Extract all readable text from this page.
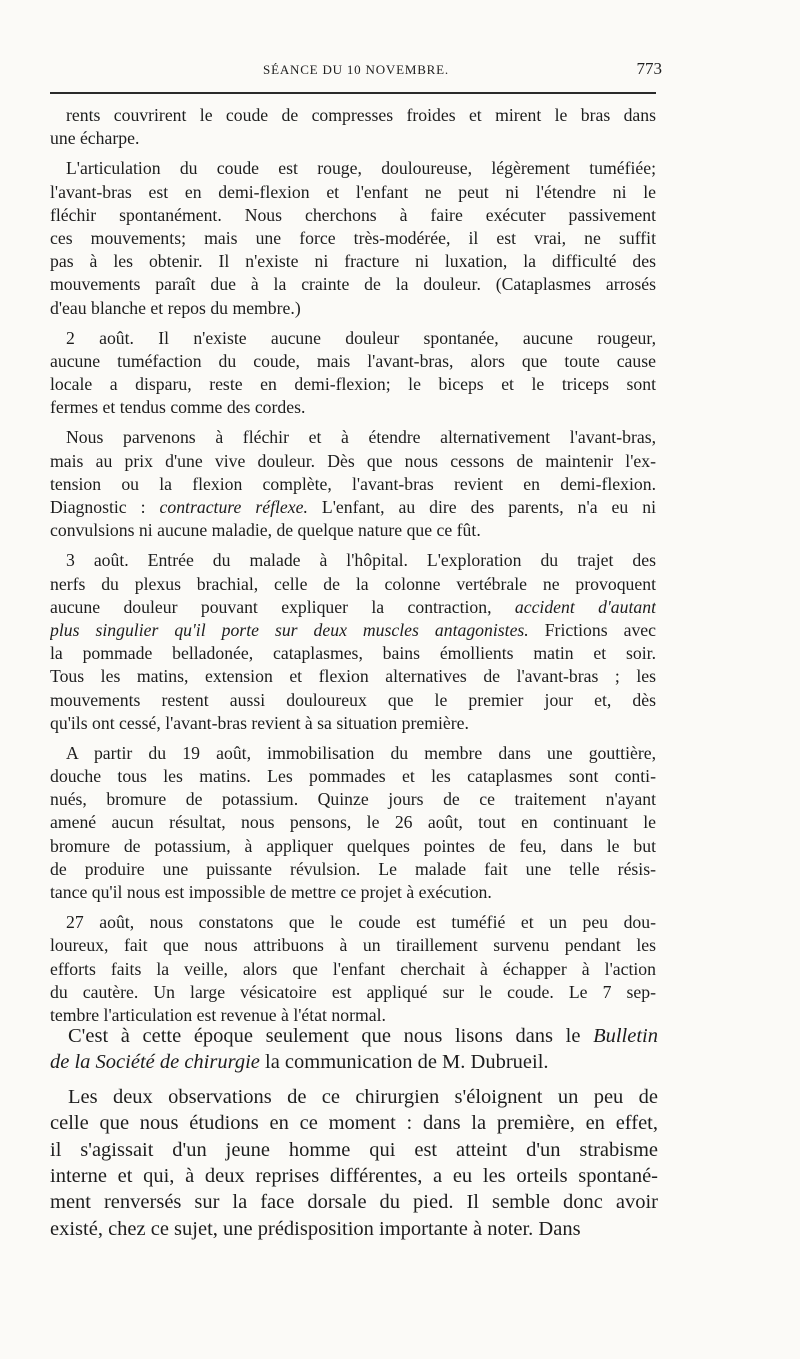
SÉANCE DU 10 NOVEMBRE.	773
rents couvrirent le coude de compresses froides et mirent le bras dans
une écharpe.
L'articulation du coude est rouge, douloureuse, légèrement tuméfiée;
l'avant-bras est en demi-flexion et l'enfant ne peut ni l'étendre ni le
fléchir spontanément. Nous cherchons à faire exécuter passivement
ces mouvements; mais une force très-modérée, il est vrai, ne suffit
pas à les obtenir. Il n'existe ni fracture ni luxation, la difficulté des
mouvements paraît due à la crainte de la douleur. (Cataplasmes arrosés
d'eau blanche et repos du membre.)
2 août. Il n'existe aucune douleur spontanée, aucune rougeur,
aucune tuméfaction du coude, mais l'avant-bras, alors que toute cause
locale a disparu, reste en demi-flexion; le biceps et le triceps sont
fermes et tendus comme des cordes.
Nous parvenons à fléchir et à étendre alternativement l'avant-bras,
mais au prix d'une vive douleur. Dès que nous cessons de maintenir l'ex-
tension ou la flexion complète, l'avant-bras revient en demi-flexion.
Diagnostic : contracture réflexe. L'enfant, au dire des parents, n'a eu ni
convulsions ni aucune maladie, de quelque nature que ce fût.
3 août. Entrée du malade à l'hôpital. L'exploration du trajet des
nerfs du plexus brachial, celle de la colonne vertébrale ne provoquent
aucune douleur pouvant expliquer la contraction, accident d'autant
plus singulier qu'il porte sur deux muscles antagonistes. Frictions avec
la pommade belladonée, cataplasmes, bains émollients matin et soir.
Tous les matins, extension et flexion alternatives de l'avant-bras ; les
mouvements restent aussi douloureux que le premier jour et, dès
qu'ils ont cessé, l'avant-bras revient à sa situation première.
A partir du 19 août, immobilisation du membre dans une gouttière,
douche tous les matins. Les pommades et les cataplasmes sont conti-
nués, bromure de potassium. Quinze jours de ce traitement n'ayant
amené aucun résultat, nous pensons, le 26 août, tout en continuant le
bromure de potassium, à appliquer quelques pointes de feu, dans le but
de produire une puissante révulsion. Le malade fait une telle résis-
tance qu'il nous est impossible de mettre ce projet à exécution.
27 août, nous constatons que le coude est tuméfié et un peu dou-
loureux, fait que nous attribuons à un tiraillement survenu pendant les
efforts faits la veille, alors que l'enfant cherchait à échapper à l'action
du cautère. Un large vésicatoire est appliqué sur le coude. Le 7 sep-
tembre l'articulation est revenue à l'état normal.
C'est à cette époque seulement que nous lisons dans le Bulletin
de la Société de chirurgie la communication de M. Dubrueil.
Les deux observations de ce chirurgien s'éloignent un peu de
celle que nous étudions en ce moment : dans la première, en effet,
il s'agissait d'un jeune homme qui est atteint d'un strabisme
interne et qui, à deux reprises différentes, a eu les orteils spontané-
ment renversés sur la face dorsale du pied. Il semble donc avoir
existé, chez ce sujet, une prédisposition importante à noter. Dans
